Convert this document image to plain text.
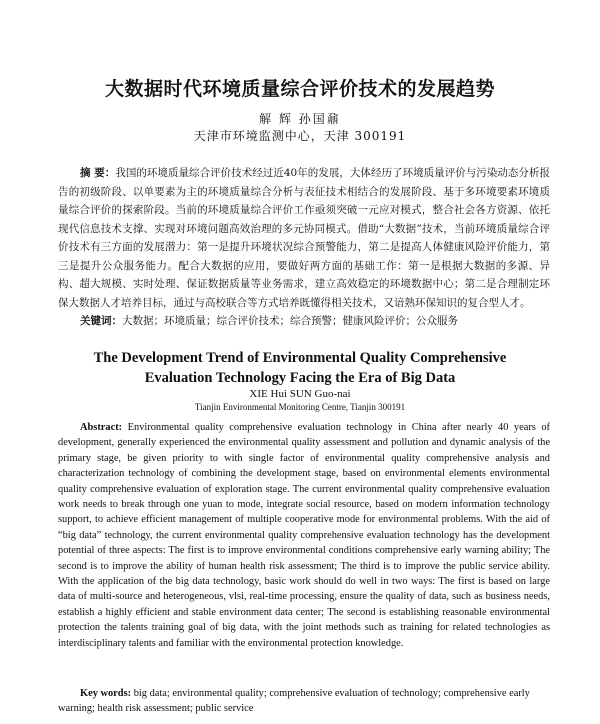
大数据时代环境质量综合评价技术的发展趋势
解 辉 孙国鼐
天津市环境监测中心，天津 300191
摘 要：我国的环境质量综合评价技术经过近40年的发展，大体经历了环境质量评价与污染动态分析报告的初级阶段、以单要素为主的环境质量综合分析与表征技术相结合的发展阶段、基于多环境要素环境质量综合评价的探索阶段。当前的环境质量综合评价工作亟须突破一元应对模式，整合社会各方资源、依托现代信息技术支撑、实现对环境问题高效治理的多元协同模式。借助“大数据”技术，当前环境质量综合评价技术有三方面的发展潜力：第一是提升环境状况综合预警能力，第二是提高人体健康风险评价能力，第三是提升公众服务能力。配合大数据的应用，要做好两方面的基础工作：第一是根据大数据的多源、异构、超大规模、实时处理、保证数据质量等业务需求，建立高效稳定的环境数据中心；第二是合理制定环保大数据人才培养目标，通过与高校联合等方式培养既懂得相关技术，又谙熟环保知识的复合型人才。
关键词：大数据；环境质量；综合评价技术；综合预警；健康风险评价；公众服务
The Development Trend of Environmental Quality Comprehensive
Evaluation Technology Facing the Era of Big Data
XIE Hui SUN Guo-nai
Tianjin Environmental Monitoring Centre, Tianjin 300191
Abstract: Environmental quality comprehensive evaluation technology in China after nearly 40 years of development, generally experienced the environmental quality assessment and pollution and dynamic analysis of the primary stage, be given priority to with single factor of environmental quality comprehensive analysis and characterization technology of combining the development stage, based on environmental elements environmental quality comprehensive evaluation of exploration stage. The current environmental quality comprehensive evaluation work needs to break through one yuan to mode, integrate social resource, based on modern information technology support, to achieve efficient management of multiple cooperative mode for environmental problems. With the aid of “big data” technology, the current environmental quality comprehensive evaluation technology has the development potential of three aspects: The first is to improve environmental conditions comprehensive early warning ability; The second is to improve the ability of human health risk assessment; The third is to improve the public service ability. With the application of the big data technology, basic work should do well in two ways: The first is based on large data of multi-source and heterogeneous, vlsi, real-time processing, ensure the quality of data, such as business needs, establish a highly efficient and stable environment data center; The second is establishing reasonable environmental protection the talents training goal of big data, with the joint methods such as training for related technologies as interdisciplinary talents and familiar with the environmental protection knowledge.
Key words: big data; environmental quality; comprehensive evaluation of technology; comprehensive early warning; health risk assessment; public service
